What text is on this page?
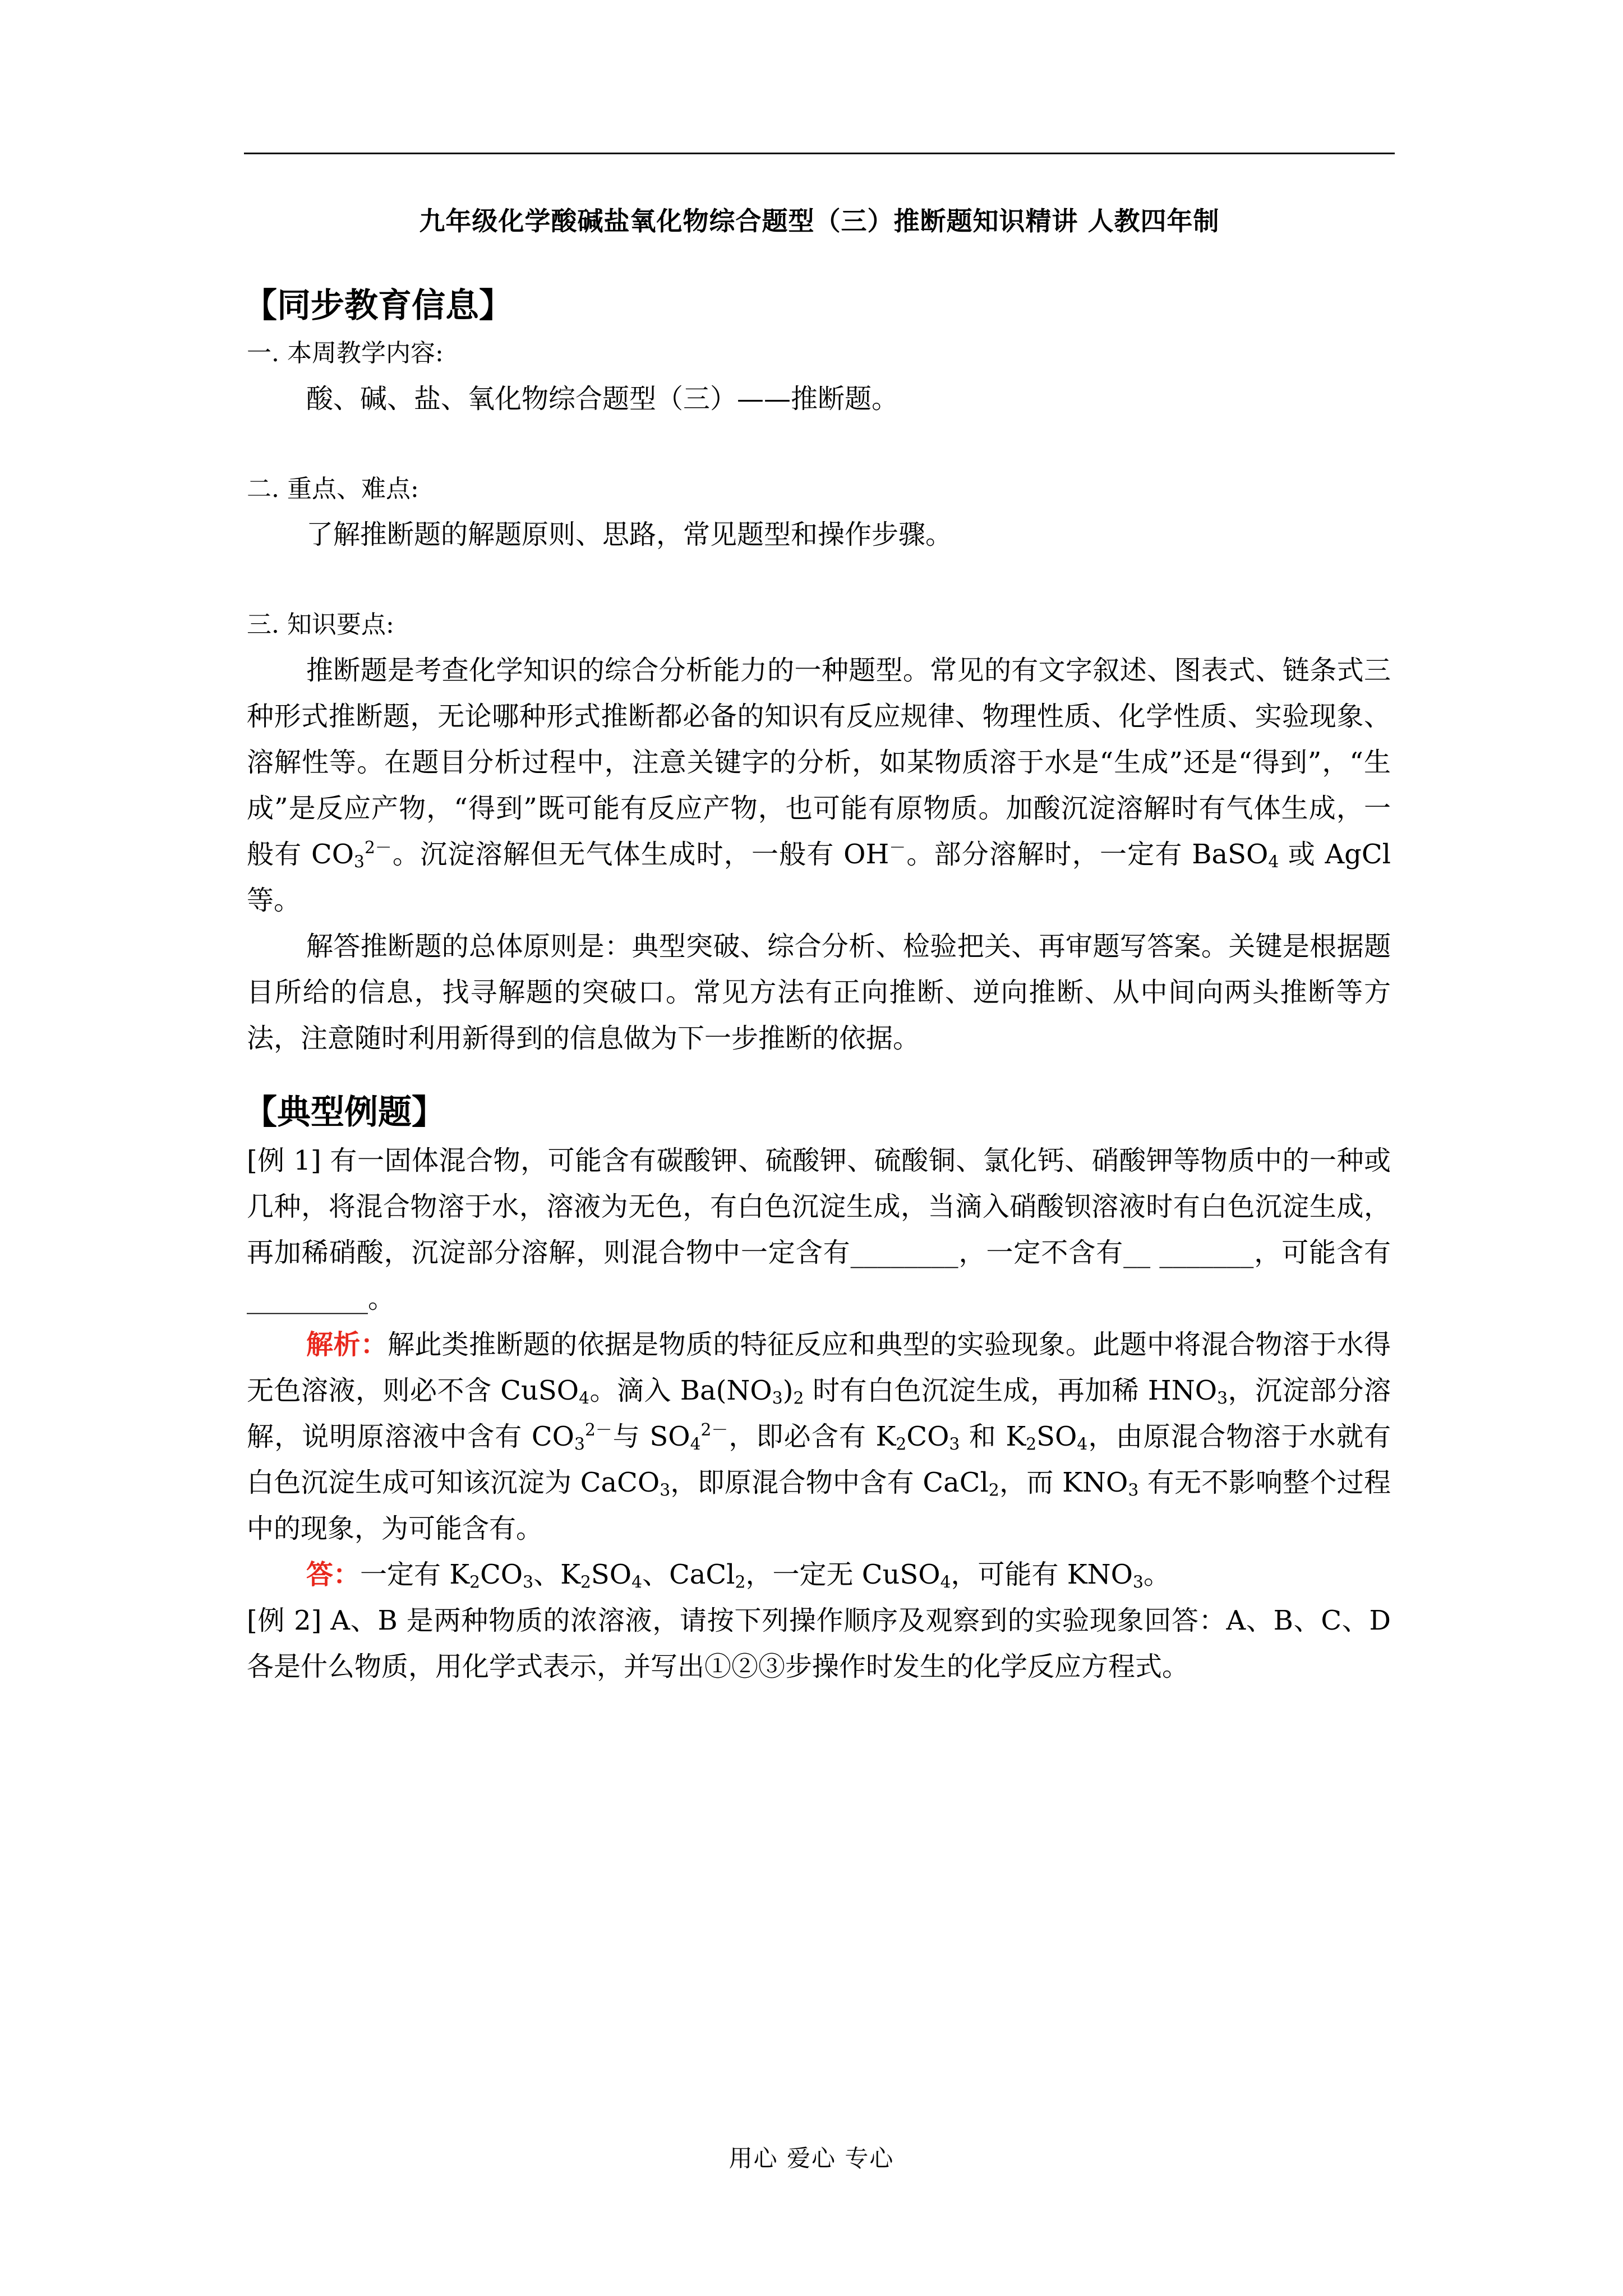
九年级化学酸碱盐氧化物综合题型（三）推断题知识精讲 人教四年制
【同步教育信息】
一. 本周教学内容:

酸、碱、盐、氧化物综合题型（三）——推断题。

二. 重点、难点:

了解推断题的解题原则、思路，常见题型和操作步骤。

三. 知识要点:

推断题是考查化学知识的综合分析能力的一种题型。常见的有文字叙述、图表式、链条式三种形式推断题，无论哪种形式推断都必备的知识有反应规律、物理性质、化学性质、实验现象、溶解性等。在题目分析过程中，注意关键字的分析，如某物质溶于水是“生成”还是“得到”，“生成”是反应产物，“得到”既可能有反应产物，也可能有原物质。加酸沉淀溶解时有气体生成，一般有 $CO_3^{2-}$。沉淀溶解但无气体生成时，一般有 OH－。部分溶解时，一定有 BaSO$_4$ 或 AgCl 等。

解答推断题的总体原则是：典型突破、综合分析、检验把关、再审题写答案。关键是根据题目所给的信息，找寻解题的突破口。常见方法有正向推断、逆向推断、从中间向两头推断等方法，注意随时利用新得到的信息做为下一步推断的依据。

【典型例题】

[例 1] 有一固体混合物，可能含有碳酸钾、硫酸钾、硫酸铜、氯化钙、硝酸钾等物质中的一种或几种，将混合物溶于水，溶液为无色，有白色沉淀生成，当滴入硝酸钡溶液时有白色沉淀生成，再加稀硝酸，沉淀部分溶解，则混合物中一定含有________，一定不含有__ _______，可能含有_________。

解析：解此类推断题的依据是物质的特征反应和典型的实验现象。此题中将混合物溶于水得无色溶液，则必不含 CuSO$_4$。滴入 $Ba(NO_3)_2$ 时有白色沉淀生成，再加稀 $HNO_3$，沉淀部分溶解，说明原溶液中含有 $CO_3^{2-}$与 $SO_4^{2-}$，即必含有 $K_2CO_3$ 和 $K_2SO_4$，由原混合物溶于水就有白色沉淀生成可知该沉淀为 CaCO$_3$，即原混合物中含有 CaCl$_2$，而 $KNO_3$ 有无不影响整个过程中的现象，为可能含有。

答：一定有 $K_2CO_3$、$K_2SO_4$、CaCl$_2$，一定无 CuSO$_4$，可能有 $KNO_3$。

[例 2] A、B 是两种物质的浓溶液，请按下列操作顺序及观察到的实验现象回答：A、B、C、D 各是什么物质，用化学式表示，并写出①②③步操作时发生的化学反应方程式。

用心 爱心 专心
